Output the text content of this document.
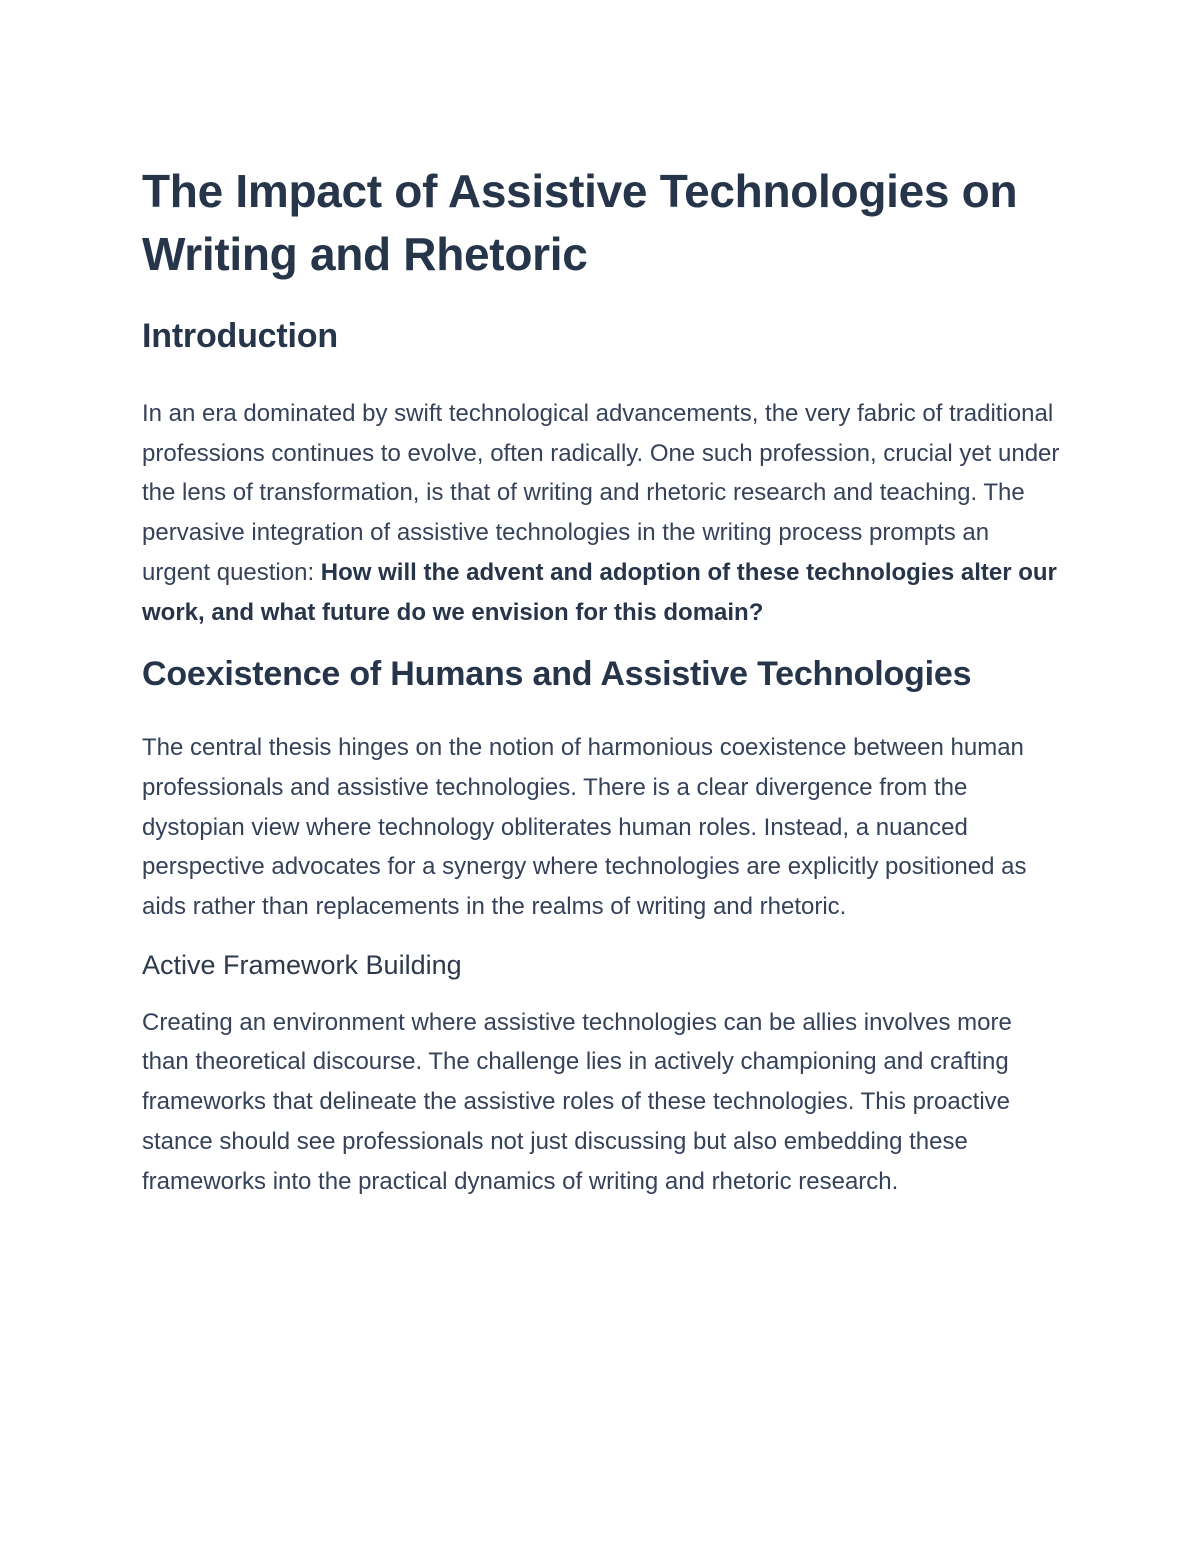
The Impact of Assistive Technologies on Writing and Rhetoric
Introduction

In an era dominated by swift technological advancements, the very fabric of traditional professions continues to evolve, often radically. One such profession, crucial yet under the lens of transformation, is that of writing and rhetoric research and teaching. The pervasive integration of assistive technologies in the writing process prompts an urgent question: How will the advent and adoption of these technologies alter our work, and what future do we envision for this domain?

Coexistence of Humans and Assistive Technologies

The central thesis hinges on the notion of harmonious coexistence between human professionals and assistive technologies. There is a clear divergence from the dystopian view where technology obliterates human roles. Instead, a nuanced perspective advocates for a synergy where technologies are explicitly positioned as aids rather than replacements in the realms of writing and rhetoric.

Active Framework Building

Creating an environment where assistive technologies can be allies involves more than theoretical discourse. The challenge lies in actively championing and crafting frameworks that delineate the assistive roles of these technologies. This proactive stance should see professionals not just discussing but also embedding these frameworks into the practical dynamics of writing and rhetoric research.
